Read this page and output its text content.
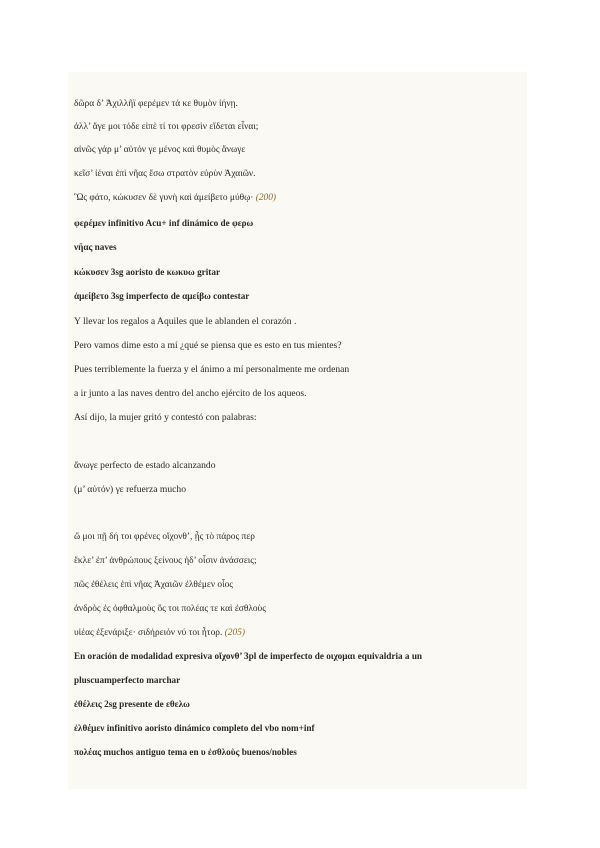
δῶρα δ’ Ἀχιλλῆϊ φερέμεν τά κε θυμὸν ἰήνῃ.
ἀλλ’ ἄγε μοι τόδε εἰπὲ τί τοι φρεσὶν εἴδεται εἶναι;
αἰνῶς γάρ μ’ αὐτόν γε μένος καὶ θυμὸς ἄνωγε
κεῖσ’ ἰέναι ἐπὶ νῆας ἔσω στρατὸν εὐρὺν Ἀχαιῶν.
Ὣς φάτο, κώκυσεν δὲ γυνὴ καὶ ἀμείβετο μύθῳ· (200)
φερέμεν infinitivo Acu+ inf dinámico de φερω
νῆας naves
κώκυσεν 3sg aoristo de κωκυω gritar
ἀμείβετο 3sg imperfecto de αμείβω contestar
Y llevar los regalos a Aquiles que le ablanden el corazón .
Pero vamos dime esto a mí ¿qué se piensa que es esto en tus mientes?
Pues terriblemente la fuerza y el ánimo a mí personalmente me ordenan
a ir junto a las naves dentro del ancho ejército de los aqueos.
Así dijo, la mujer gritó y contestó con palabras:
ἄνωγε perfecto de estado alcanzando
(μ’ αὐτόν) γε refuerza mucho
ὤ μοι πῇ δή τοι φρένες οἴχονθ’, ᾗς τὸ πάρος περ
ἔκλε’ ἐπ’ ἀνθρώπους ξείνους ἠδ’ οἷσιν ἀνάσσεις;
πῶς ἐθέλεις ἐπὶ νῆας Ἀχαιῶν ἐλθέμεν οἶος
ἀνδρὸς ἐς ὀφθαλμοὺς ὅς τοι πολέας τε καὶ ἐσθλοὺς
υἱέας ἐξενάριξε· σιδήρειόν νύ τοι ἦτορ. (205)
En oración de modalidad expresiva οἴχονθ’ 3pl de imperfecto de οιχομαι equivaldria a un
pluscuamperfecto marchar
ἐθέλεις 2sg presente de εθελω
ἐλθέμεν infinitivo aoristo dinámico completo del vbo nom+inf
πολέας muchos antiguo tema en υ ἐσθλοὺς buenos/nobles
